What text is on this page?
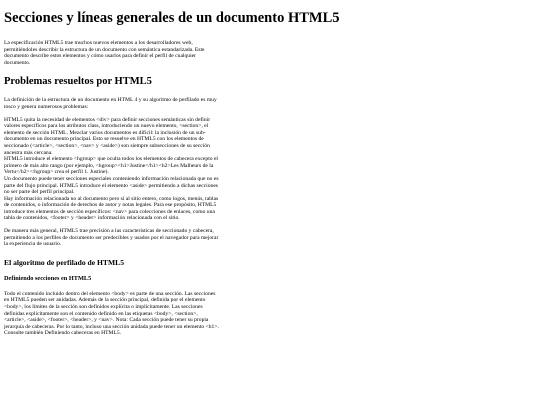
Secciones y líneas generales de un documento HTML5

La especificación HTML5 trae muchos nuevos elementos a los desarrolladores web, permitiéndoles describir la estructura de un documento con semántica estandarizada. Este documento describe estos elementos y cómo usarlos para definir el perfil de cualquier documento.

Problemas resueltos por HTML5

La definición de la estructura de un documento en HTML 4 y su algoritmo de perfilado es muy tosco y genera numerosos problemas:

HTML5 quita la necesidad de elementos <div> para definir secciones semánticas sin definir valores específicos para los atributos class, introduciendo un nuevo elemento, <section>, el elemento de sección HTML. Mezclar varios documentos es difícil: la inclusión de un sub-documento en un documento principal. Esto se resuelve en HTML5 con los elementos de seccionado (<article>, <section>, <nav> y <aside>) son siempre subsecciones de su sección ancestra más cercana.

HTML5 introduce el elemento <hgroup> que oculta todos los elementos de cabecera excepto el primero de más alto rango (por ejemplo, <hgroup><h1>Justine</h1><h2>Les Malheurs de la Vertu</h2></hgroup> crea el perfil 1. Justine).

Un documento puede tener secciones especiales conteniendo información relacionada que no es parte del flujo principal. HTML5 introduce el elemento <aside> permitiendo a dichas secciones no ser parte del perfil principal.

Hay información relacionada no al documento pero sí al sitio entero, como logos, menús, tablas de contenidos, o información de derechos de autor y notas legales. Para ese propósito, HTML5 introduce tres elementos de sección específicos: <nav> para colecciones de enlaces, como una tabla de contenidos, <footer> y <header> información relacionada con el sitio.

De manera más general, HTML5 trae precisión a las características de seccionado y cabecera, permitiendo a los perfiles de documento ser predecibles y usados por el navegador para mejorar la experiencia de usuario.

El algoritmo de perfilado de HTML5
Definiendo secciones en HTML5

Todo el contenido incluido dentro del elemento <body> es parte de una sección. Las secciones en HTML5 pueden ser anidadas. Además de la sección principal, definida por el elemento <body>, los límites de la sección son definidos explícita o implícitamente. Las secciones definidas explícitamente son el contenido definido en las etiquetas <body>, <section>, <article>, <aside>, <footer>, <header>, y <nav>. Nota: Cada sección puede tener su propia jerarquía de cabeceras. Por lo tanto, incluso una sección anidada puede tener un elemento <h1>. Consulte también Definiendo cabeceras en HTML5.
